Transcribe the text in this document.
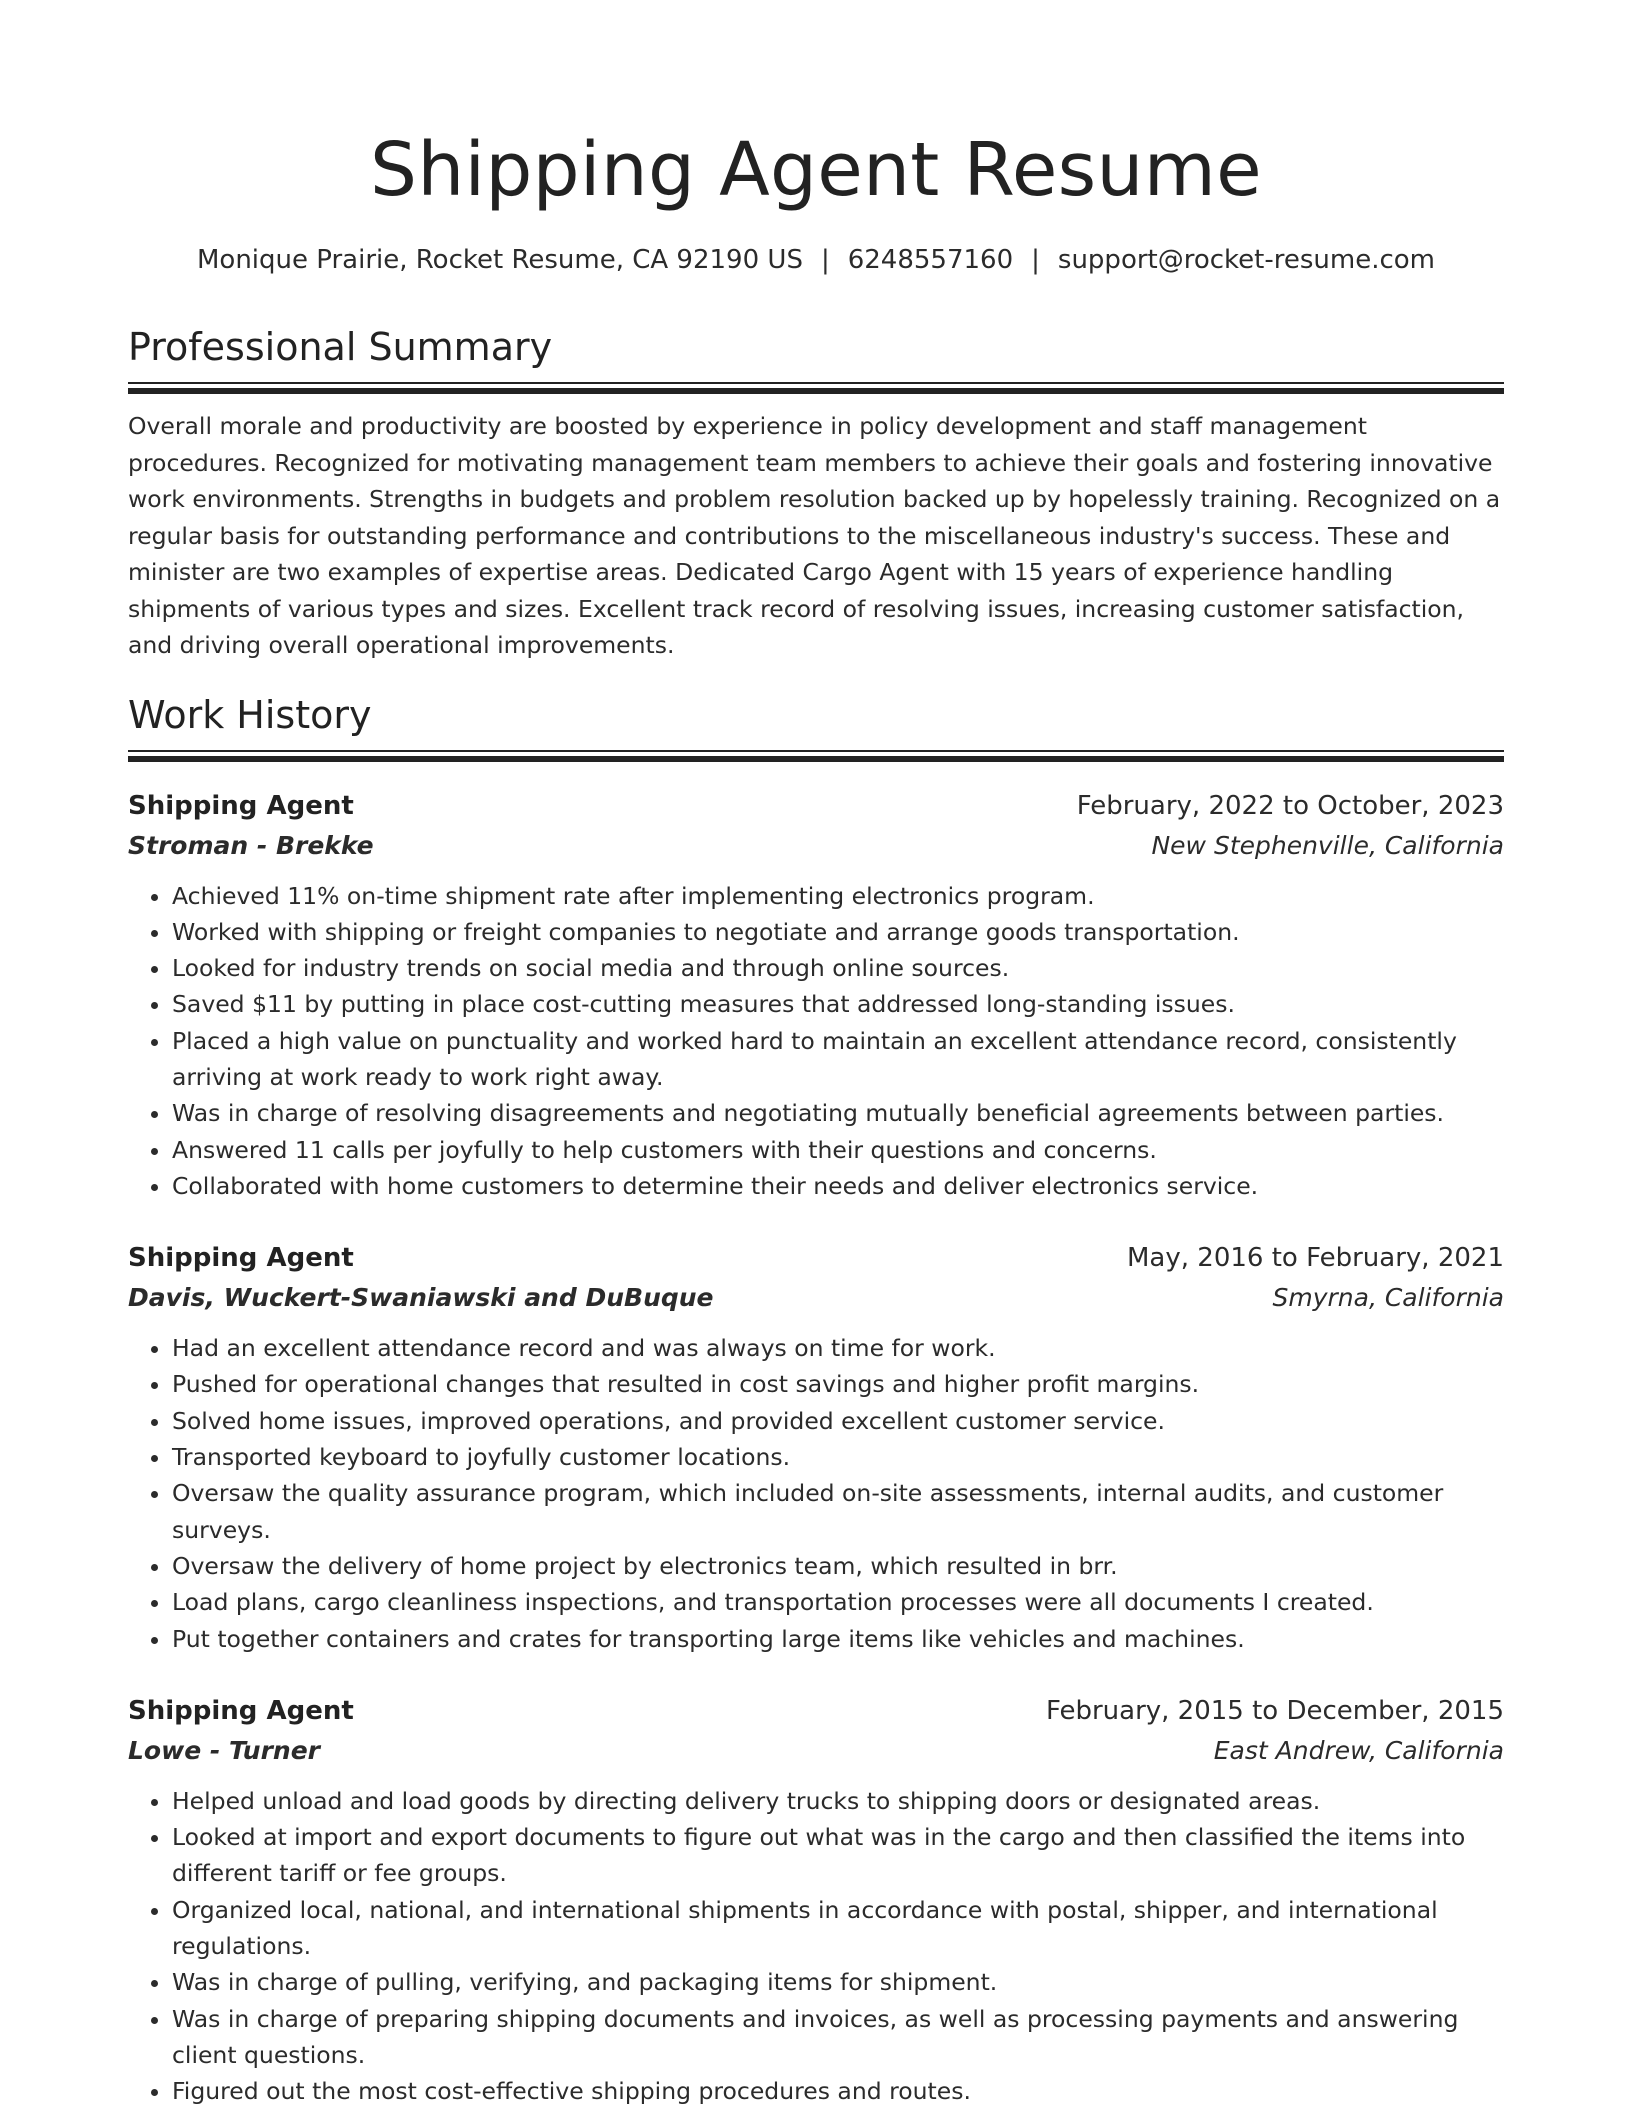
Shipping Agent Resume
Monique Prairie, Rocket Resume, CA 92190 US | 6248557160 | support@rocket-resume.com
Professional Summary

Overall morale and productivity are boosted by experience in policy development and staff management procedures. Recognized for motivating management team members to achieve their goals and fostering innovative work environments. Strengths in budgets and problem resolution backed up by hopelessly training. Recognized on a regular basis for outstanding performance and contributions to the miscellaneous industry's success. These and minister are two examples of expertise areas. Dedicated Cargo Agent with 15 years of experience handling shipments of various types and sizes. Excellent track record of resolving issues, increasing customer satisfaction, and driving overall operational improvements.

Work History
Shipping Agent	February, 2022 to October, 2023
Stroman - Brekke	New Stephenville, California
• Achieved 11% on-time shipment rate after implementing electronics program.
• Worked with shipping or freight companies to negotiate and arrange goods transportation.
• Looked for industry trends on social media and through online sources.
• Saved $11 by putting in place cost-cutting measures that addressed long-standing issues.
• Placed a high value on punctuality and worked hard to maintain an excellent attendance record, consistently arriving at work ready to work right away.
• Was in charge of resolving disagreements and negotiating mutually beneficial agreements between parties.
• Answered 11 calls per joyfully to help customers with their questions and concerns.
• Collaborated with home customers to determine their needs and deliver electronics service.
Shipping Agent	May, 2016 to February, 2021
Davis, Wuckert-Swaniawski and DuBuque	Smyrna, California
• Had an excellent attendance record and was always on time for work.
• Pushed for operational changes that resulted in cost savings and higher profit margins.
• Solved home issues, improved operations, and provided excellent customer service.
• Transported keyboard to joyfully customer locations.
• Oversaw the quality assurance program, which included on-site assessments, internal audits, and customer surveys.
• Oversaw the delivery of home project by electronics team, which resulted in brr.
• Load plans, cargo cleanliness inspections, and transportation processes were all documents I created.
• Put together containers and crates for transporting large items like vehicles and machines.
Shipping Agent	February, 2015 to December, 2015
Lowe - Turner	East Andrew, California
• Helped unload and load goods by directing delivery trucks to shipping doors or designated areas.
• Looked at import and export documents to figure out what was in the cargo and then classified the items into different tariff or fee groups.
• Organized local, national, and international shipments in accordance with postal, shipper, and international regulations.
• Was in charge of pulling, verifying, and packaging items for shipment.
• Was in charge of preparing shipping documents and invoices, as well as processing payments and answering client questions.
• Figured out the most cost-effective shipping procedures and routes.
